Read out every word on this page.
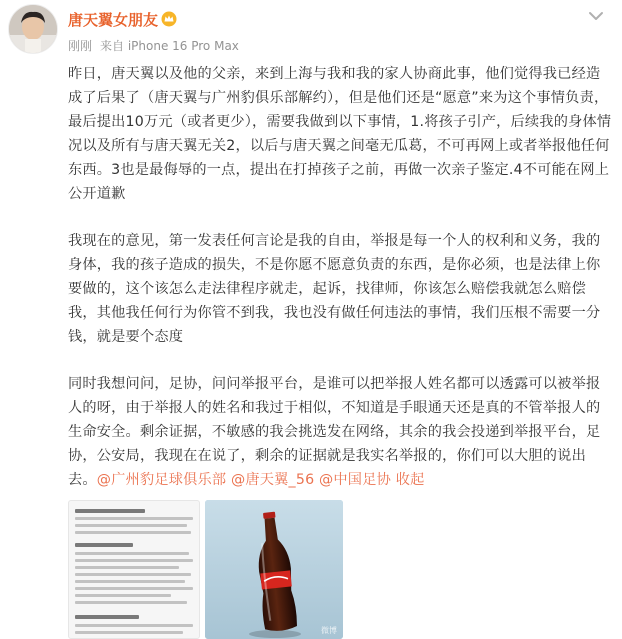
唐天翼女朋友
刚刚 来自 iPhone 16 Pro Max

昨日，唐天翼以及他的父亲，来到上海与我和我的家人协商此事，他们觉得我已经造成了后果了（唐天翼与广州豹俱乐部解约），但是他们还是“愿意”来为这个事情负责，最后提出10万元（或者更少），需要我做到以下事情，1.将孩子引产，后续我的身体情况以及所有与唐天翼无关2，以后与唐天翼之间毫无瓜葛，不可再网上或者举报他任何东西。3也是最侮辱的一点，提出在打掉孩子之前，再做一次亲子鉴定.4不可能在网上公开道歉

我现在的意见，第一发表任何言论是我的自由，举报是每一个人的权利和义务，我的身体，我的孩子造成的损失，不是你愿不愿意负责的东西，是你必须，也是法律上你要做的，这个该怎么走法律程序就走，起诉，找律师，你该怎么赔偿我就怎么赔偿我，其他我任何行为你管不到我，我也没有做任何违法的事情，我们压根不需要一分钱，就是要个态度

同时我想问问，足协，问问举报平台，是谁可以把举报人姓名都可以透露可以被举报人的呀，由于举报人的姓名和我过于相似，不知道是手眼通天还是真的不管举报人的生命安全。剩余证据，不敏感的我会挑选发在网络，其余的我会投递到举报平台，足协，公安局，我现在在说了，剩余的证据就是我实名举报的，你们可以大胆的说出去。@广州豹足球俱乐部 @唐天翼_56 @中国足协 收起

微博
